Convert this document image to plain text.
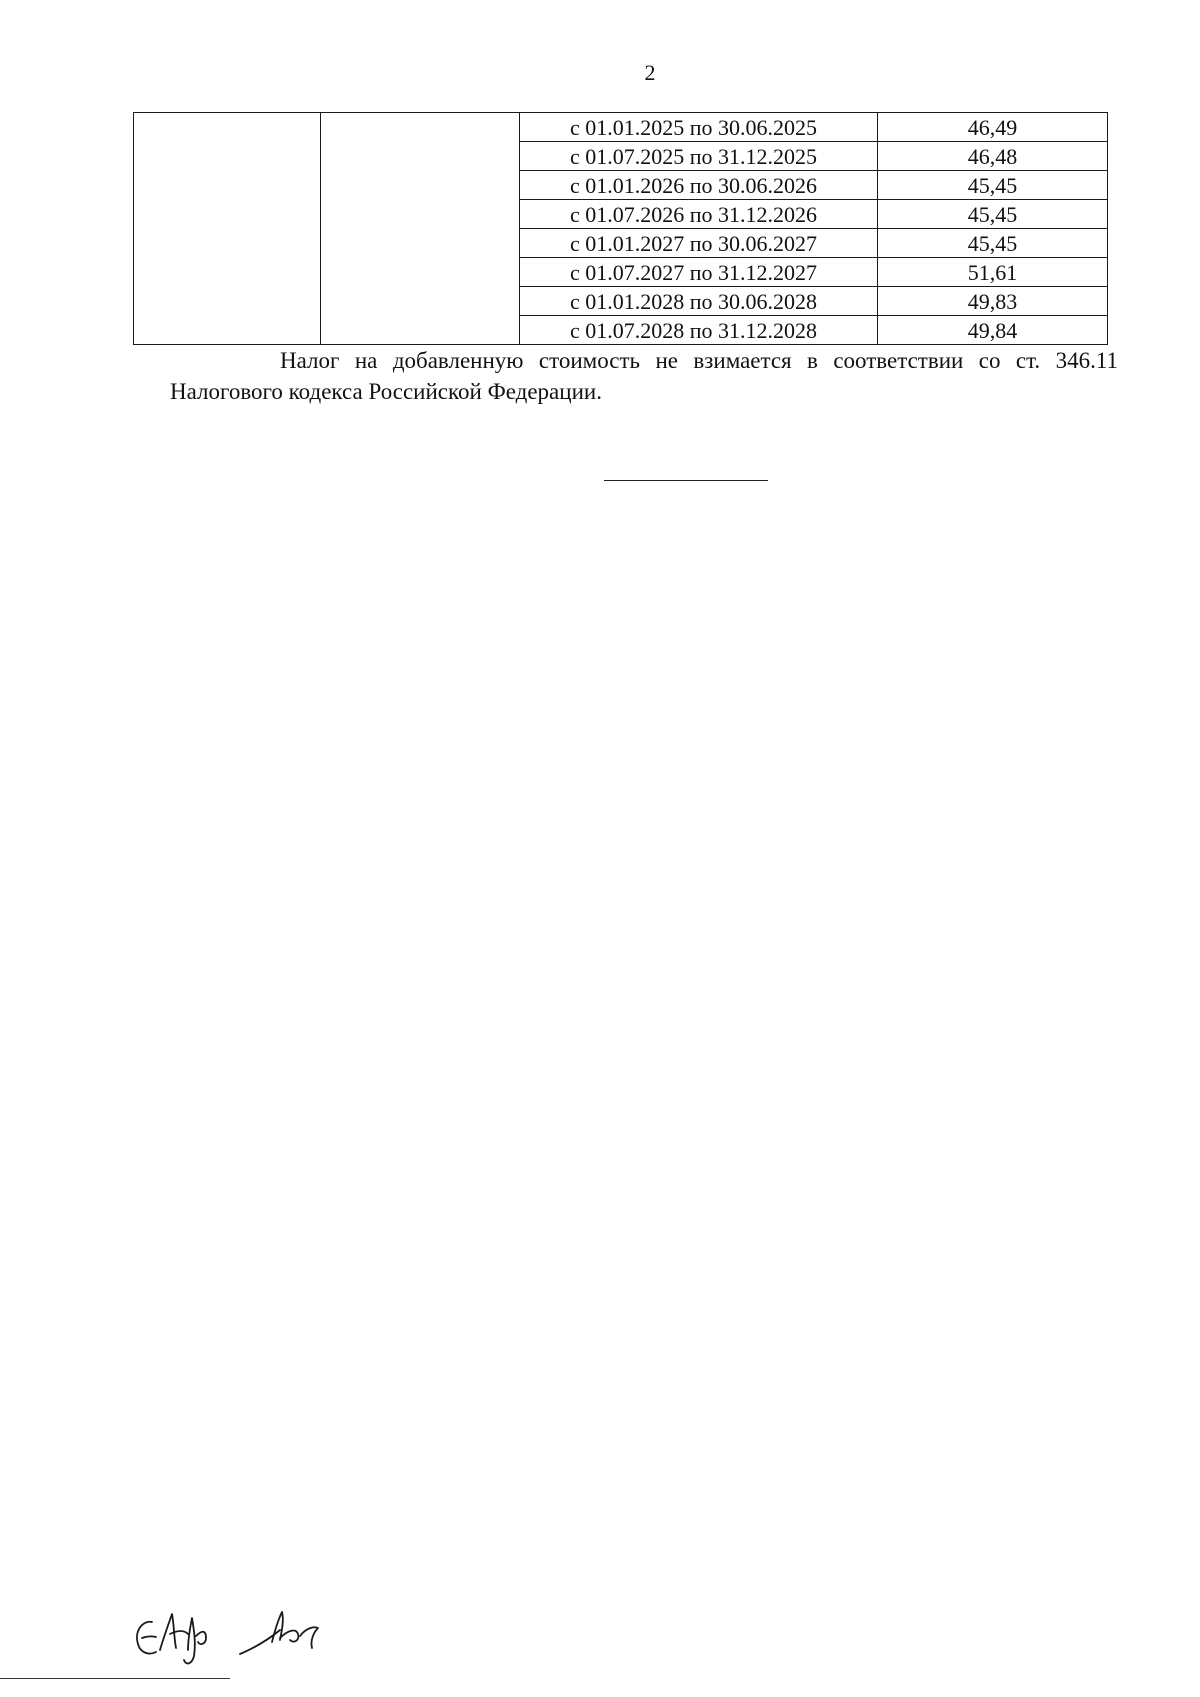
2
		с 01.01.2025 по 30.06.2025	46,49
		с 01.07.2025 по 31.12.2025	46,48
		с 01.01.2026 по 30.06.2026	45,45
		с 01.07.2026 по 31.12.2026	45,45
		с 01.01.2027 по 30.06.2027	45,45
		с 01.07.2027 по 31.12.2027	51,61
		с 01.01.2028 по 30.06.2028	49,83
		с 01.07.2028 по 31.12.2028	49,84
Налог на добавленную стоимость не взимается в соответствии со ст. 346.11
Налогового кодекса Российской Федерации.
